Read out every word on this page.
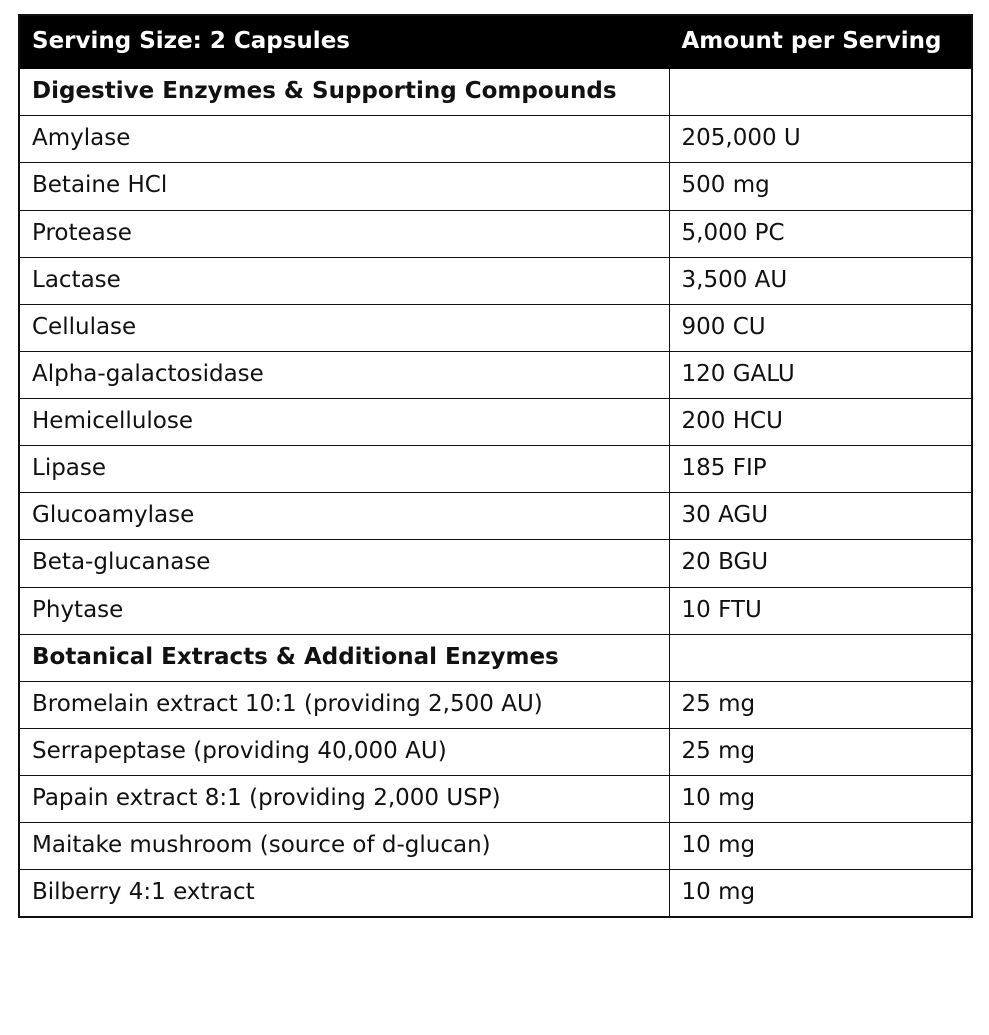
Serving Size: 2 Capsules	Amount per Serving
Digestive Enzymes & Supporting Compounds	
Amylase	205,000 U
Betaine HCl	500 mg
Protease	5,000 PC
Lactase	3,500 AU
Cellulase	900 CU
Alpha-galactosidase	120 GALU
Hemicellulose	200 HCU
Lipase	185 FIP
Glucoamylase	30 AGU
Beta-glucanase	20 BGU
Phytase	10 FTU
Botanical Extracts & Additional Enzymes	
Bromelain extract 10:1 (providing 2,500 AU)	25 mg
Serrapeptase (providing 40,000 AU)	25 mg
Papain extract 8:1 (providing 2,000 USP)	10 mg
Maitake mushroom (source of d-glucan)	10 mg
Bilberry 4:1 extract	10 mg
